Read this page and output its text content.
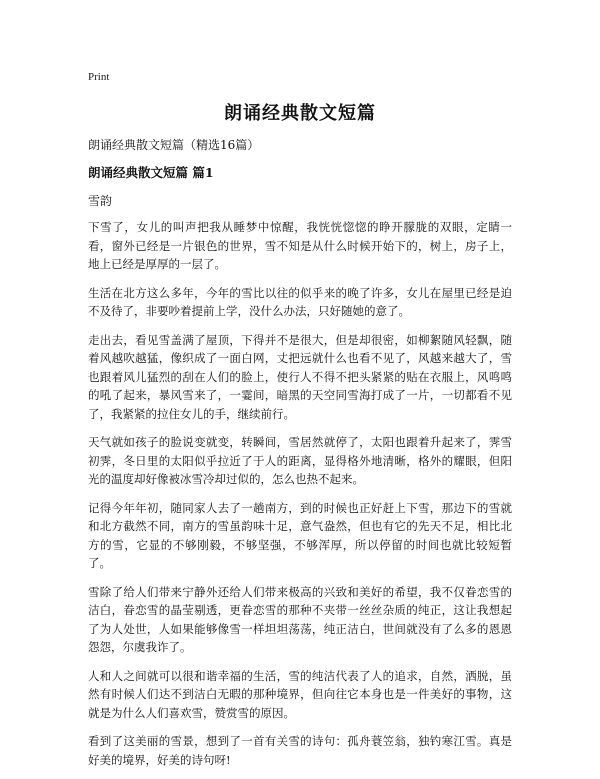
Print

朗诵经典散文短篇

朗诵经典散文短篇（精选16篇）

朗诵经典散文短篇 篇1

雪韵

下雪了，女儿的叫声把我从睡梦中惊醒，我恍恍惚惚的睁开朦胧的双眼，定睛一看，窗外已经是一片银色的世界，雪不知是从什么时候开始下的，树上，房子上，地上已经是厚厚的一层了。

生活在北方这么多年，今年的雪比以往的似乎来的晚了许多，女儿在屋里已经是迫不及待了，非要吵着提前上学，没什么办法，只好随她的意了。

走出去，看见雪盖满了屋顶，下得并不是很大，但是却很密，如柳絮随风轻飘，随着风越吹越猛，像织成了一面白网，丈把远就什么也看不见了，风越来越大了，雪也跟着风儿猛烈的刮在人们的脸上，使行人不得不把头紧紧的贴在衣服上，风鸣鸣的吼了起来，暴风雪来了，一霎间，暗黑的天空同雪海打成了一片，一切都看不见了，我紧紧的拉住女儿的手，继续前行。

天气就如孩子的脸说变就变，转瞬间，雪居然就停了，太阳也跟着升起来了，霁雪初霁，冬日里的太阳似乎拉近了于人的距离，显得格外地清晰，格外的耀眼，但阳光的温度却好像被冰雪冷却过似的，怎么也热不起来。

记得今年年初，随同家人去了一趟南方，到的时候也正好赶上下雪，那边下的雪就和北方截然不同，南方的雪虽韵味十足，意气盎然，但也有它的先天不足，相比北方的雪，它显的不够刚毅，不够坚强，不够浑厚，所以停留的时间也就比较短暂了。

雪除了给人们带来宁静外还给人们带来极高的兴致和美好的希望，我不仅眷恋雪的洁白，眷恋雪的晶莹剔透，更眷恋雪的那种不夹带一丝丝杂质的纯正，这让我想起了为人处世，人如果能够像雪一样坦坦荡荡，纯正洁白，世间就没有了么多的恩恩怨怨，尔虞我诈了。

人和人之间就可以很和谐幸福的生活，雪的纯洁代表了人的追求，自然，洒脱，虽然有时候人们达不到洁白无暇的那种境界，但向往它本身也是一件美好的事物，这就是为什么人们喜欢雪，赞赏雪的原因。

看到了这美丽的雪景，想到了一首有关雪的诗句：孤舟蓑笠翁，独钓寒江雪。真是好美的境界，好美的诗句呀!
